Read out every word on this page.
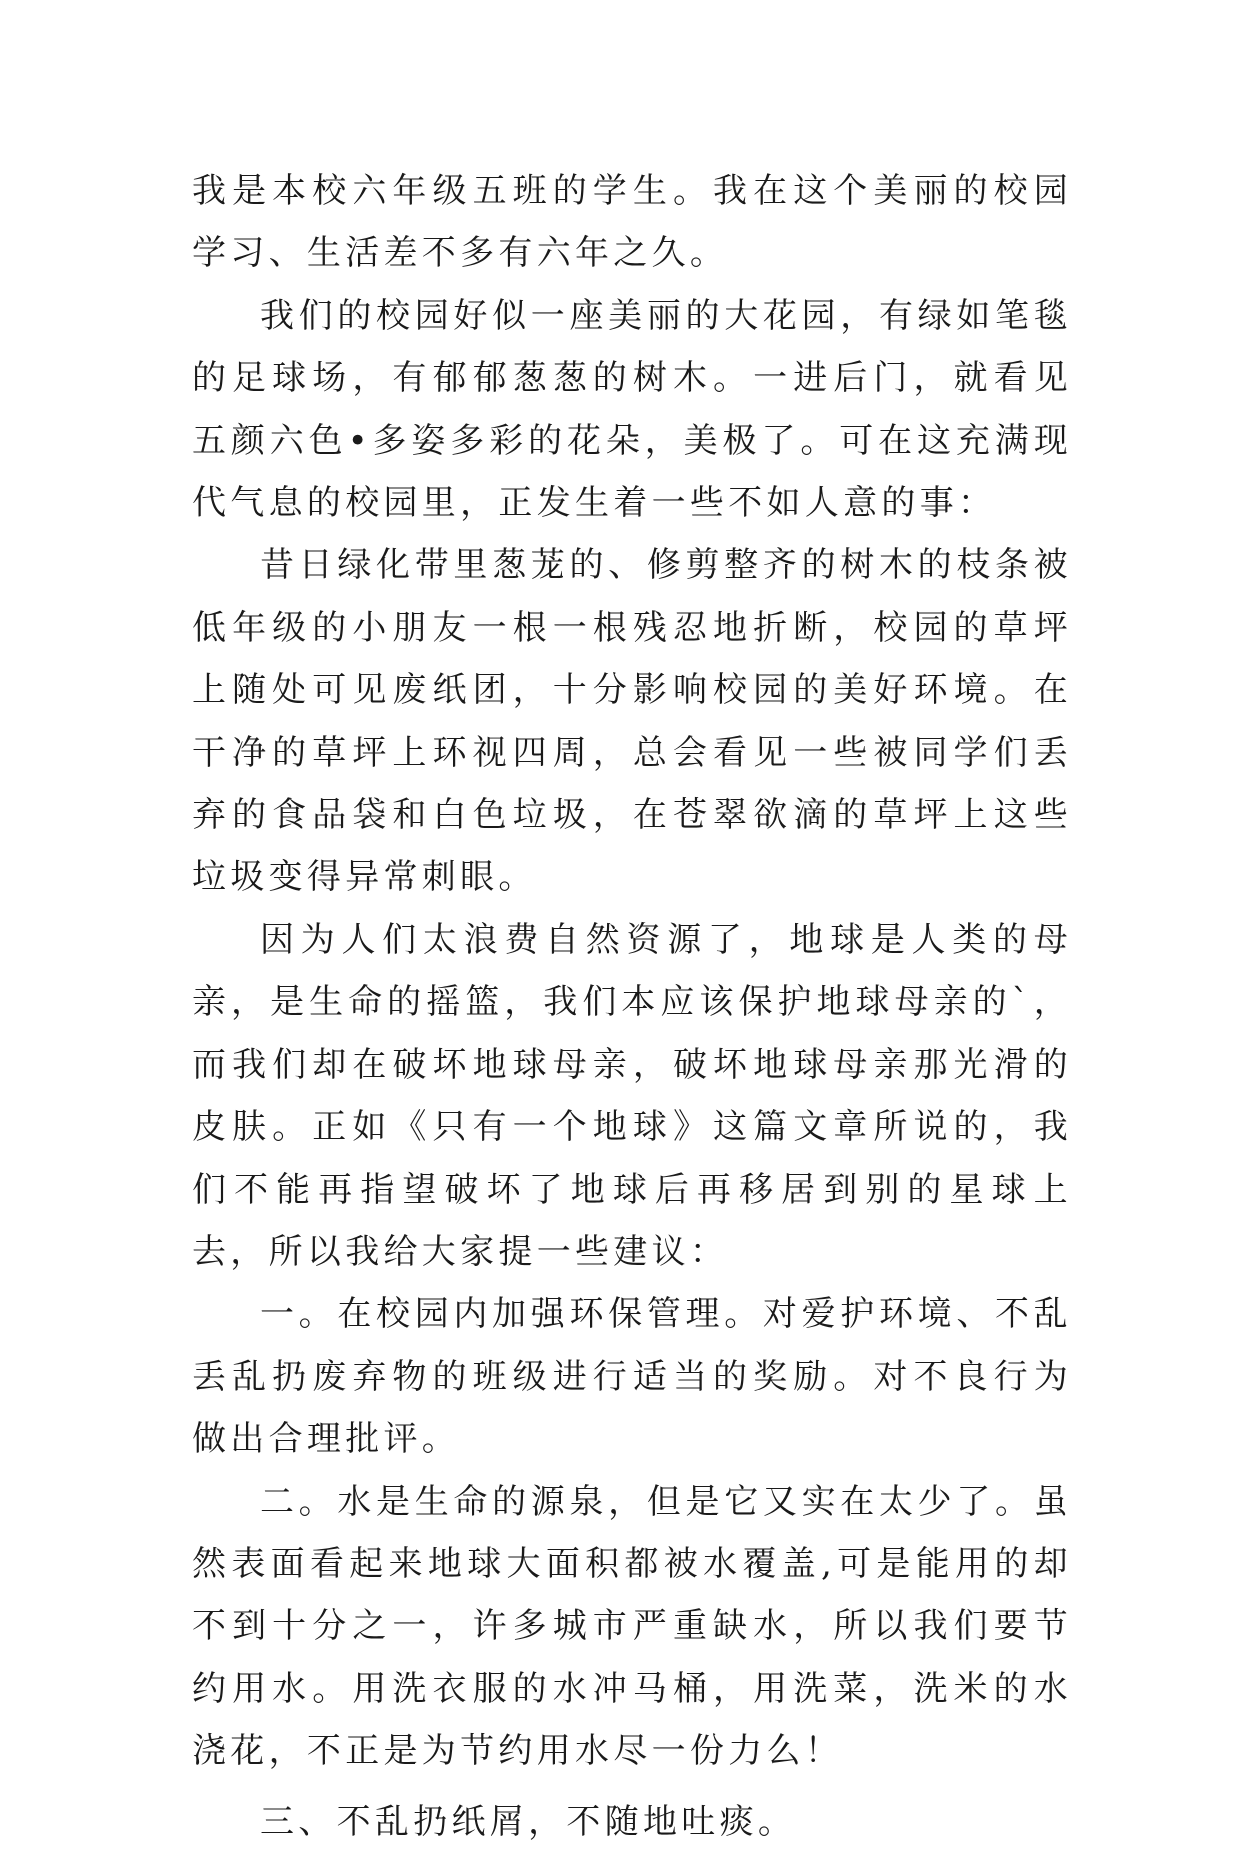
我是本校六年级五班的学生。我在这个美丽的校园学习、生活差不多有六年之久。

我们的校园好似一座美丽的大花园，有绿如笔毯的足球场，有郁郁葱葱的树木。一进后门，就看见五颜六色•多姿多彩的花朵，美极了。可在这充满现代气息的校园里，正发生着一些不如人意的事：

昔日绿化带里葱茏的、修剪整齐的树木的枝条被低年级的小朋友一根一根残忍地折断，校园的草坪上随处可见废纸团，十分影响校园的美好环境。在干净的草坪上环视四周，总会看见一些被同学们丢弃的食品袋和白色垃圾，在苍翠欲滴的草坪上这些垃圾变得异常刺眼。

因为人们太浪费自然资源了，地球是人类的母亲，是生命的摇篮，我们本应该保护地球母亲的`，而我们却在破坏地球母亲，破坏地球母亲那光滑的皮肤。正如《只有一个地球》这篇文章所说的，我们不能再指望破坏了地球后再移居到别的星球上去，所以我给大家提一些建议：

一。在校园内加强环保管理。对爱护环境、不乱丢乱扔废弃物的班级进行适当的奖励。对不良行为做出合理批评。

二。水是生命的源泉，但是它又实在太少了。虽然表面看起来地球大面积都被水覆盖,可是能用的却不到十分之一，许多城市严重缺水，所以我们要节约用水。用洗衣服的水冲马桶，用洗菜，洗米的水浇花，不正是为节约用水尽一份力么！

三、不乱扔纸屑，不随地吐痰。
